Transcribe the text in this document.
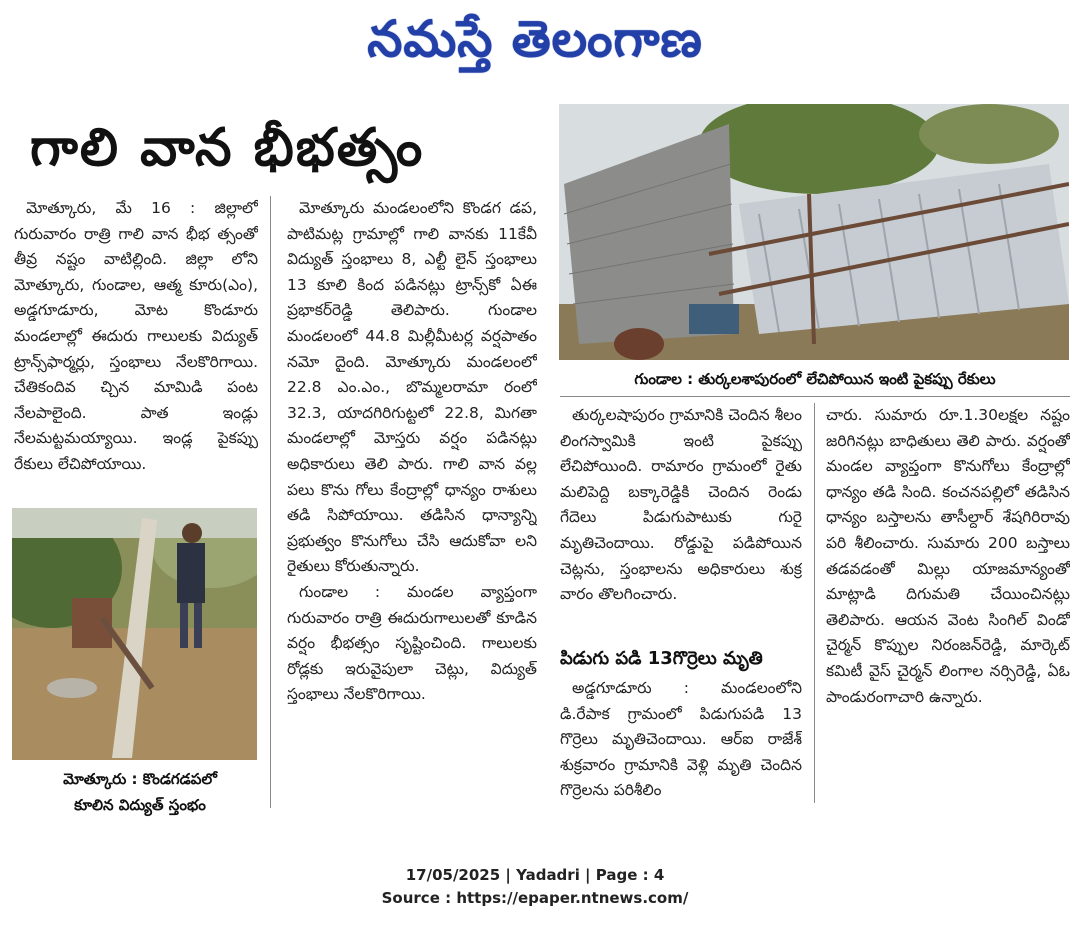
నమస్తే తెలంగాణ
గాలి వాన భీభత్సం

మోత్కూరు, మే 16 : జిల్లాలో గురువారం రాత్రి గాలి వాన భీభ త్సంతో తీవ్ర నష్టం వాటిల్లింది. జిల్లా లోని మోత్కూరు, గుండాల, ఆత్మ కూరు(ఎం), అడ్డగూడూరు, మోట కొండూరు మండలాల్లో ఈదురు గాలులకు విద్యుత్ ట్రాన్స్‌ఫార్మర్లు, స్తంభాలు నేలకొరిగాయి. చేతికందివ చ్చిన మామిడి పంట నేలపాలైంది. పాత ఇండ్లు నేలమట్టమయ్యాయి. ఇండ్ల పైకప్పు రేకులు లేచిపోయాయి.

మోత్కూరు : కొండగడపలో
కూలిన విద్యుత్ స్తంభం

మోత్కూరు మండలంలోని కొండగ డప, పాటిమట్ల గ్రామాల్లో గాలి వానకు 11కేవీ విద్యుత్ స్తంభాలు 8, ఎల్టీ లైన్ స్తంభాలు 13 కూలి కింద పడినట్లు ట్రాన్స్‌కో ఏఈ ప్రభాకర్‌రెడ్డి తెలిపారు. గుండాల మండలంలో 44.8 మిల్లీమీటర్ల వర్షపాతం నమో దైంది. మోత్కూరు మండలంలో 22.8 ఎం.ఎం., బొమ్మలరామా రంలో 32.3, యాదగిరిగుట్టలో 22.8, మిగతా మండలాల్లో మోస్తరు వర్షం పడినట్లు అధికారులు తెలి పారు. గాలి వాన వల్ల పలు కొను గోలు కేంద్రాల్లో ధాన్యం రాశులు తడి సిపోయాయి. తడిసిన ధాన్యాన్ని ప్రభుత్వం కొనుగోలు చేసి ఆదుకోవా లని రైతులు కోరుతున్నారు.

గుండాల : మండల వ్యాప్తంగా గురువారం రాత్రి ఈదురుగాలులతో కూడిన వర్షం భీభత్సం సృష్టించింది. గాలులకు రోడ్లకు ఇరువైపులా చెట్లు, విద్యుత్ స్తంభాలు నేలకొరిగాయి.

గుండాల : తుర్కలశాపురంలో లేచిపోయిన ఇంటి పైకప్పు రేకులు

తుర్కలషాపురం గ్రామానికి చెందిన శీలం లింగస్వామికి ఇంటి పైకప్పు లేచిపోయింది. రామారం గ్రామంలో రైతు మలిపెద్ది బక్కారెడ్డికి చెందిన రెండు గేదెలు పిడుగుపాటుకు గురై మృతిచెందాయి. రోడ్డుపై పడిపోయిన చెట్లను, స్తంభాలను అధికారులు శుక్ర వారం తొలగించారు.

పిడుగు పడి 13గొర్రెలు మృతి

అడ్డగూడూరు : మండలంలోని డి.రేపాక గ్రామంలో పిడుగుపడి 13 గొర్రెలు మృతిచెందాయి. ఆర్ఐ రాజేశ్ శుక్రవారం గ్రామానికి వెళ్లి మృతి చెందిన గొర్రెలను పరిశీలిం

చారు. సుమారు రూ.1.30లక్షల నష్టం జరిగినట్లు బాధితులు తెలి పారు. వర్షంతో మండల వ్యాప్తంగా కొనుగోలు కేంద్రాల్లో ధాన్యం తడి సింది. కంచనపల్లిలో తడిసిన ధాన్యం బస్తాలను తాసీల్దార్ శేషగిరిరావు పరి శీలించారు. సుమారు 200 బస్తాలు తడవడంతో మిల్లు యాజమాన్యంతో మాట్లాడి దిగుమతి చేయించినట్లు తెలిపారు. ఆయన వెంట సింగిల్ విండో చైర్మన్ కొప్పుల నిరంజన్‌రెడ్డి, మార్కెట్ కమిటీ వైస్ చైర్మన్ లింగాల నర్సిరెడ్డి, ఏఓ పాండురంగాచారి ఉన్నారు.

17/05/2025 | Yadadri | Page : 4
Source : https://epaper.ntnews.com/
